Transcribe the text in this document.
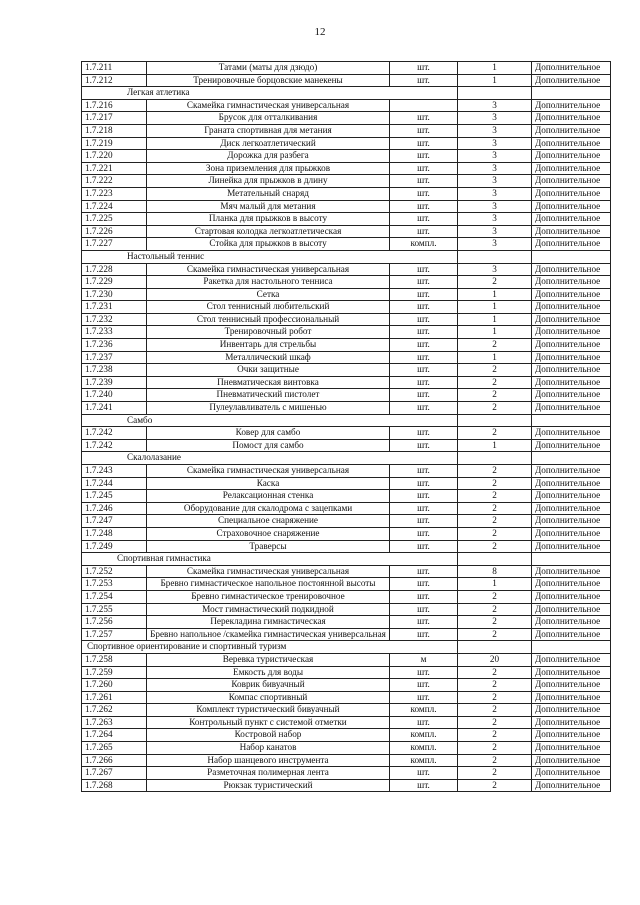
12
1.7.211	Татами (маты для дзюдо)	шт.	1	Дополнительное
1.7.212	Тренировочные борцовские манекены	шт.	1	Дополнительное
Легкая атлетика				
1.7.216	Скамейка гимнастическая универсальная		3	Дополнительное
1.7.217	Брусок для отталкивания	шт.	3	Дополнительное
1.7.218	Граната спортивная для метания	шт.	3	Дополнительное
1.7.219	Диск легкоатлетический	шт.	3	Дополнительное
1.7.220	Дорожка для разбега	шт.	3	Дополнительное
1.7.221	Зона приземления для прыжков	шт.	3	Дополнительное
1.7.222	Линейка для прыжков в длину	шт.	3	Дополнительное
1.7.223	Метательный снаряд	шт.	3	Дополнительное
1.7.224	Мяч малый для метания	шт.	3	Дополнительное
1.7.225	Планка для прыжков в высоту	шт.	3	Дополнительное
1.7.226	Стартовая колодка легкоатлетическая	шт.	3	Дополнительное
1.7.227	Стойка для прыжков в высоту	компл.	3	Дополнительное
Настольный теннис				
1.7.228	Скамейка гимнастическая универсальная	шт.	3	Дополнительное
1.7.229	Ракетка для настольного тенниса	шт.	2	Дополнительное
1.7.230	Сетка	шт.	1	Дополнительное
1.7.231	Стол теннисный любительский	шт.	1	Дополнительное
1.7.232	Стол теннисный профессиональный	шт.	1	Дополнительное
1.7.233	Тренировочный робот	шт.	1	Дополнительное
1.7.236	Инвентарь для стрельбы	шт.	2	Дополнительное
1.7.237	Металлический шкаф	шт.	1	Дополнительное
1.7.238	Очки защитные	шт.	2	Дополнительное
1.7.239	Пневматическая винтовка	шт.	2	Дополнительное
1.7.240	Пневматический пистолет	шт.	2	Дополнительное
1.7.241	Пулеулавливатель с мишенью	шт.	2	Дополнительное
Самбо				
1.7.242	Ковер для самбо	шт.	2	Дополнительное
1.7.242	Помост для самбо	шт.	1	Дополнительное
Скалолазание				
1.7.243	Скамейка гимнастическая универсальная	шт.	2	Дополнительное
1.7.244	Каска	шт.	2	Дополнительное
1.7.245	Релаксационная стенка	шт.	2	Дополнительное
1.7.246	Оборудование для скалодрома с зацепками	шт.	2	Дополнительное
1.7.247	Специальное снаряжение	шт.	2	Дополнительное
1.7.248	Страховочное снаряжение	шт.	2	Дополнительное
1.7.249	Траверсы	шт.	2	Дополнительное
Спортивная гимнастика				
1.7.252	Скамейка гимнастическая универсальная	шт.	8	Дополнительное
1.7.253	Бревно гимнастическое напольное постоянной высоты	шт.	1	Дополнительное
1.7.254	Бревно гимнастическое тренировочное	шт.	2	Дополнительное
1.7.255	Мост гимнастический подкидной	шт.	2	Дополнительное
1.7.256	Перекладина гимнастическая	шт.	2	Дополнительное
1.7.257	Бревно напольное /скамейка гимнастическая универсальная	шт.	2	Дополнительное
Спортивное ориентирование и спортивный туризм				
1.7.258	Веревка туристическая	м	20	Дополнительное
1.7.259	Емкость для воды	шт.	2	Дополнительное
1.7.260	Коврик бивуачный	шт.	2	Дополнительное
1.7.261	Компас спортивный	шт.	2	Дополнительное
1.7.262	Комплект туристический бивуачный	компл.	2	Дополнительное
1.7.263	Контрольный пункт с системой отметки	шт.	2	Дополнительное
1.7.264	Костровой набор	компл.	2	Дополнительное
1.7.265	Набор канатов	компл.	2	Дополнительное
1.7.266	Набор шанцевого инструмента	компл.	2	Дополнительное
1.7.267	Разметочная полимерная лента	шт.	2	Дополнительное
1.7.268	Рюкзак туристический	шт.	2	Дополнительное
